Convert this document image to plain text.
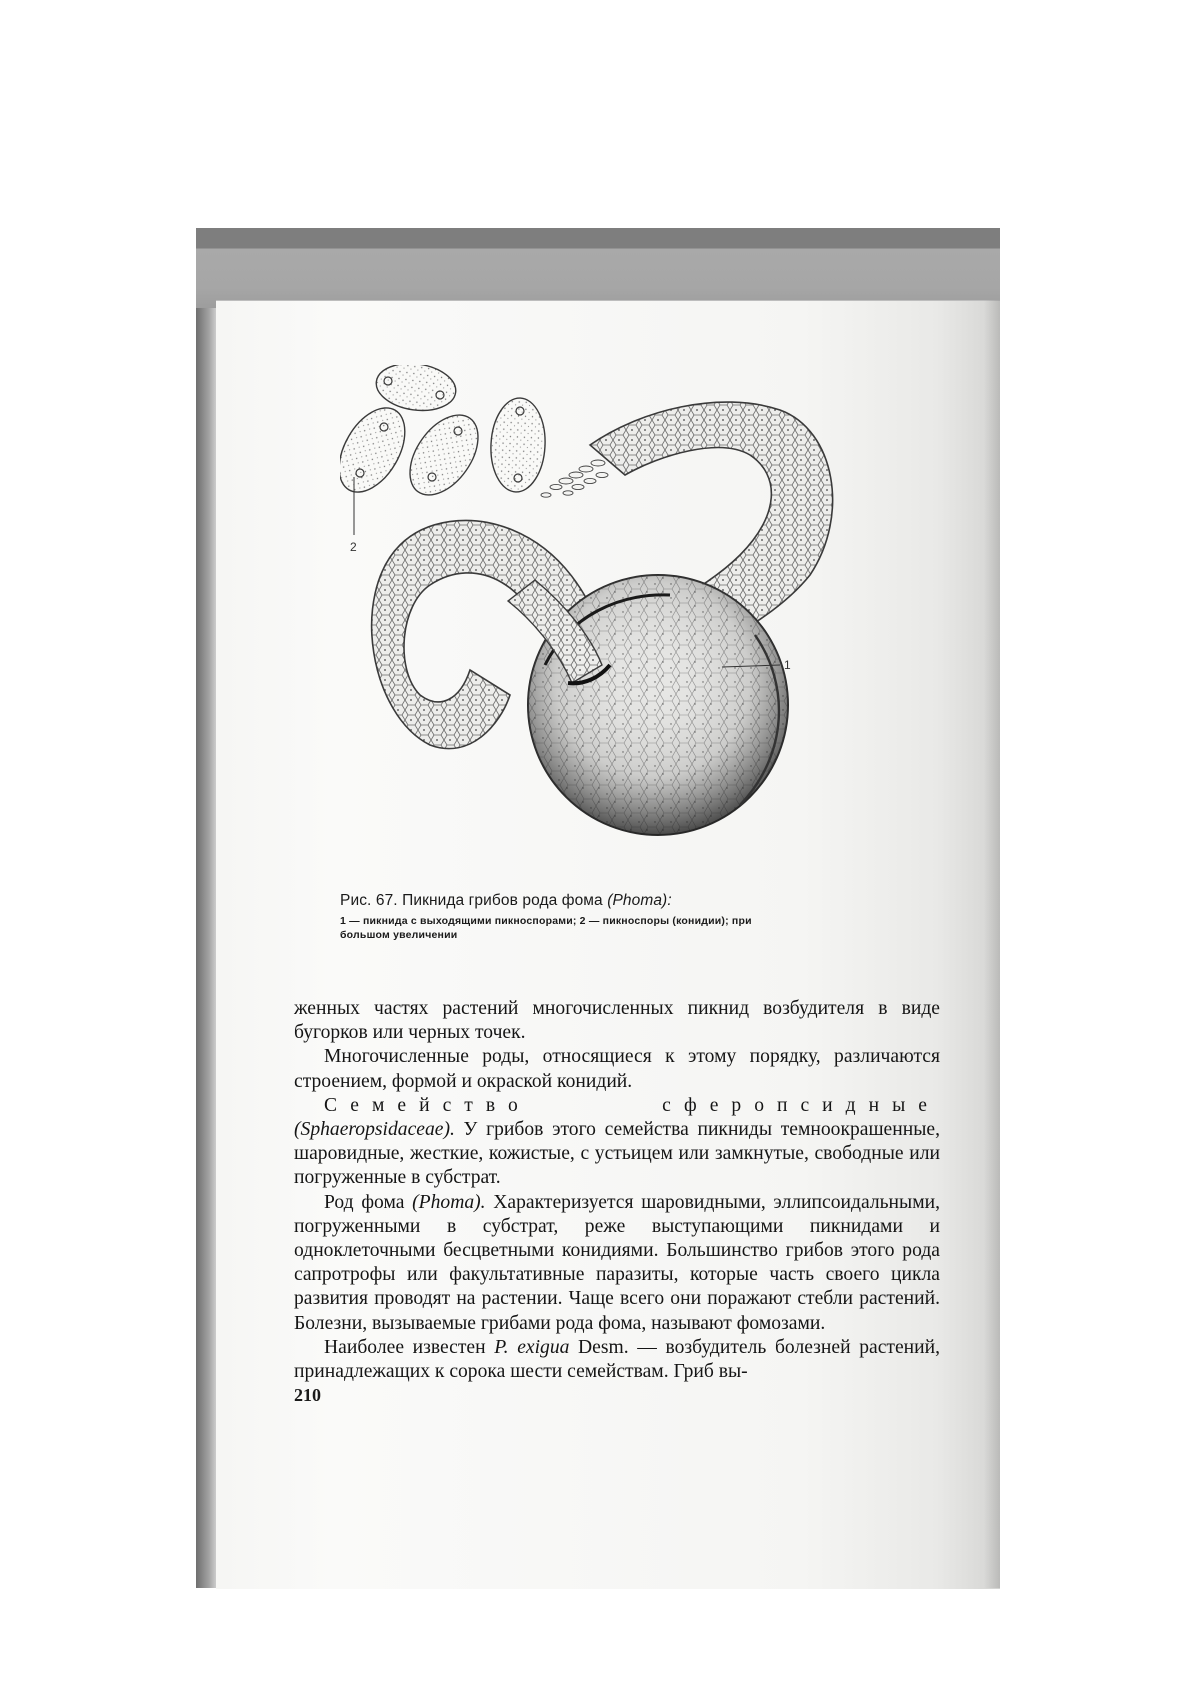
2
1
Рис. 67. Пикнида грибов рода фома (Phoma):
1 — пикнида с выходящими пикноспорами; 2 — пикноспоры (конидии); при
большом увеличении

женных частях растений многочисленных пикнид возбудителя в виде бугорков или черных точек.

Многочисленные роды, относящиеся к этому порядку, различаются строением, формой и окраской конидий.

Семейство сферопсидные (Sphaeropsidaceae). У грибов этого семейства пикниды темноокрашенные, шаровидные, жесткие, кожистые, с устьицем или замкнутые, свободные или погруженные в субстрат.

Род фома (Phoma). Характеризуется шаровидными, эллипсоидальными, погруженными в субстрат, реже выступающими пикнидами и одноклеточными бесцветными конидиями. Большинство грибов этого рода сапротрофы или факультативные паразиты, которые часть своего цикла развития проводят на растении. Чаще всего они поражают стебли растений. Болезни, вызываемые грибами рода фома, называют фомозами.

Наиболее известен P. exigua Desm. — возбудитель болезней растений, принадлежащих к сорока шести семействам. Гриб вы-

210
